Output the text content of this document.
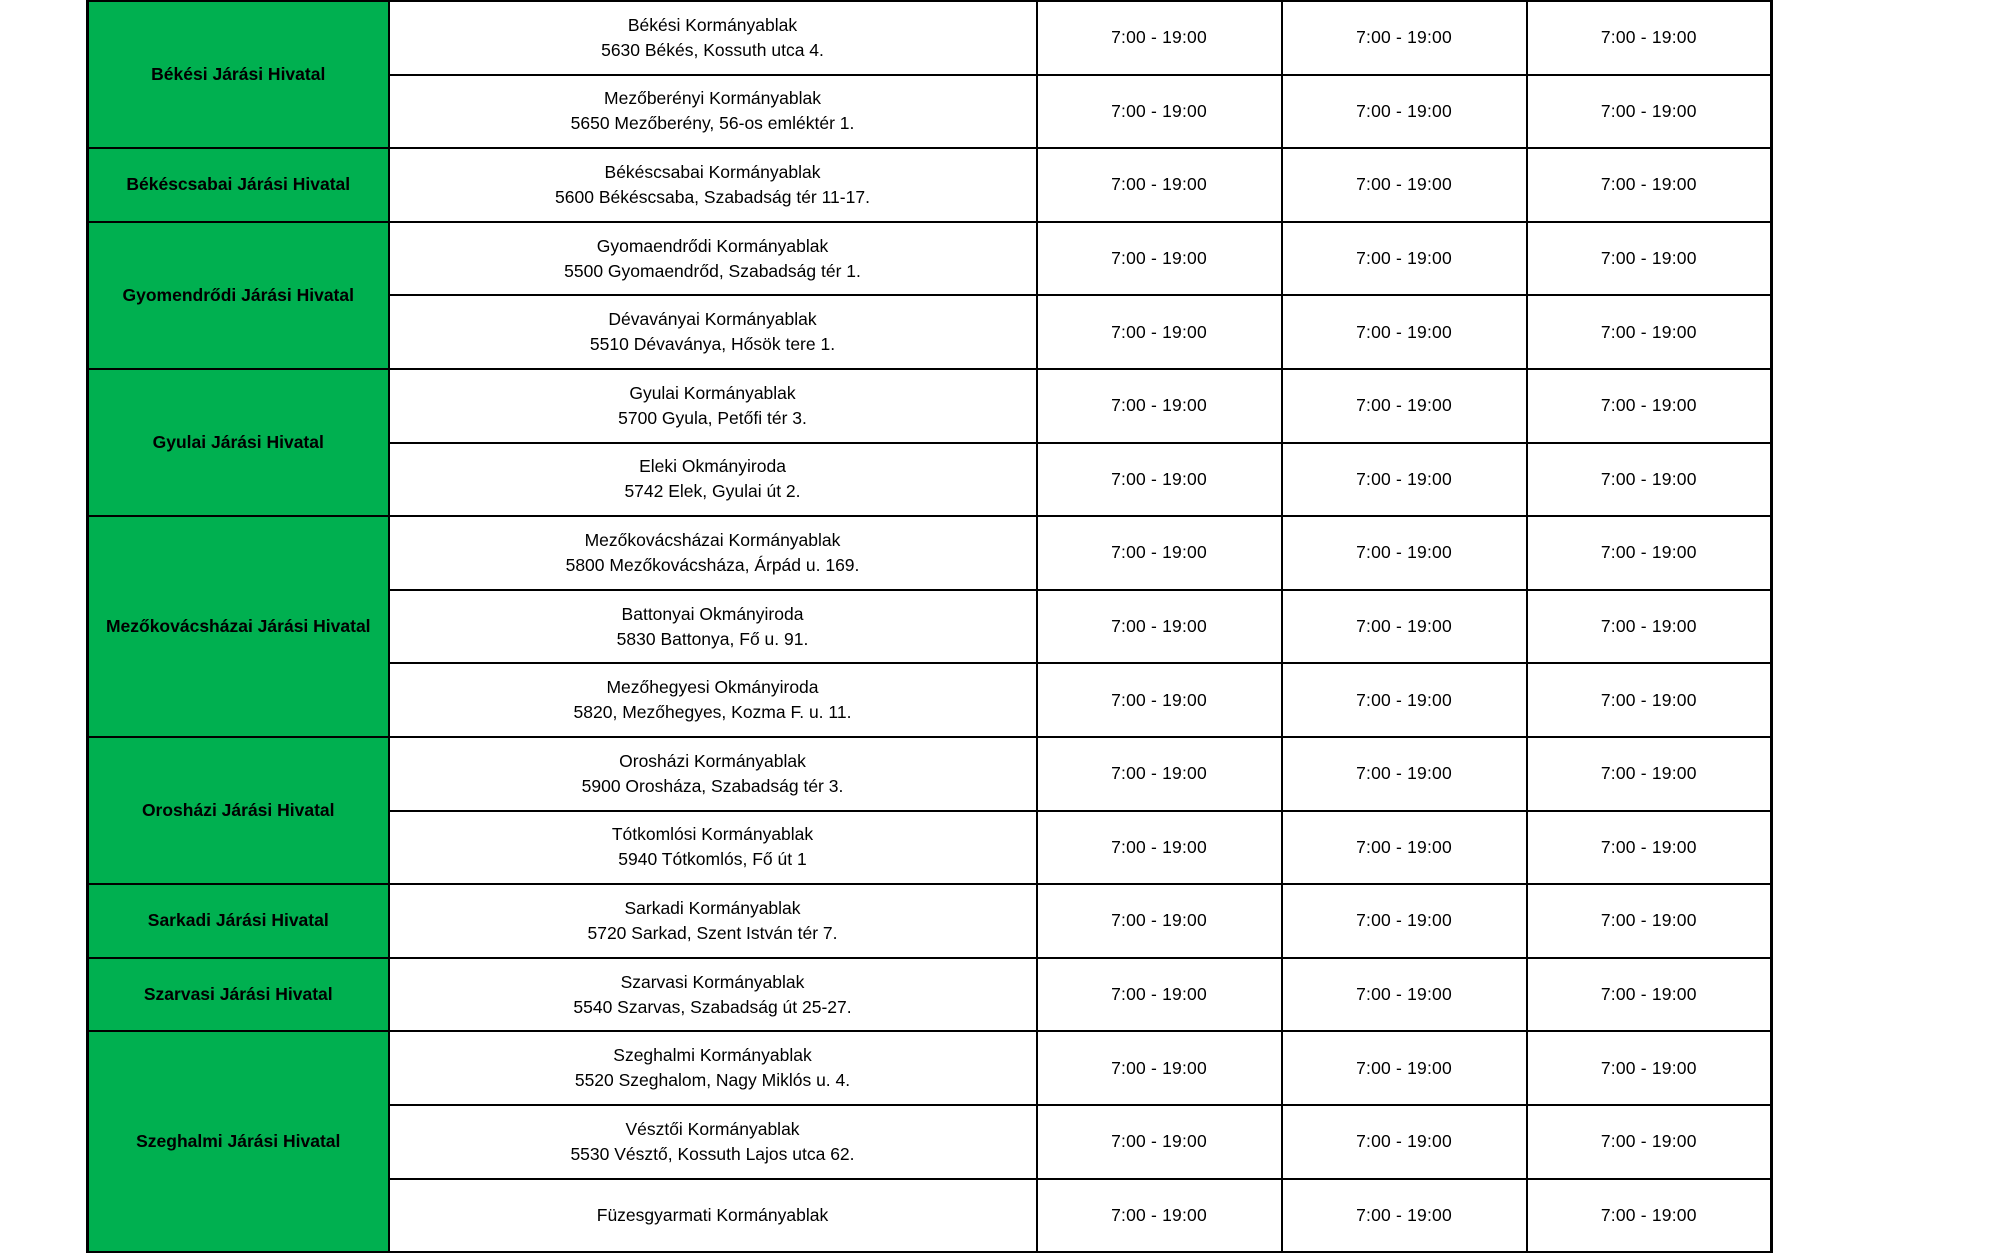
Békési Járási Hivatal	Békési Kormányablak
5630 Békés, Kossuth utca 4.	7:00 - 19:00	7:00 - 19:00	7:00 - 19:00

	Mezőberényi Kormányablak
5650 Mezőberény, 56-os emléktér 1.	7:00 - 19:00	7:00 - 19:00	7:00 - 19:00
Békéscsabai Járási Hivatal	Békéscsabai Kormányablak
5600 Békéscsaba, Szabadság tér 11-17.	7:00 - 19:00	7:00 - 19:00	7:00 - 19:00
Gyomendrődi Járási Hivatal	Gyomaendrődi Kormányablak
5500 Gyomaendrőd, Szabadság tér 1.	7:00 - 19:00	7:00 - 19:00	7:00 - 19:00

	Dévaványai Kormányablak
5510 Dévaványa, Hősök tere 1.	7:00 - 19:00	7:00 - 19:00	7:00 - 19:00
Gyulai Járási Hivatal	Gyulai Kormányablak
5700 Gyula, Petőfi tér 3.	7:00 - 19:00	7:00 - 19:00	7:00 - 19:00

	Eleki Okmányiroda
5742 Elek, Gyulai út 2.	7:00 - 19:00	7:00 - 19:00	7:00 - 19:00
Mezőkovácsházai Járási Hivatal	Mezőkovácsházai Kormányablak
5800 Mezőkovácsháza, Árpád u. 169.	7:00 - 19:00	7:00 - 19:00	7:00 - 19:00

	Battonyai Okmányiroda
5830 Battonya, Fő u. 91.	7:00 - 19:00	7:00 - 19:00	7:00 - 19:00

	Mezőhegyesi Okmányiroda
5820, Mezőhegyes, Kozma F. u. 11.	7:00 - 19:00	7:00 - 19:00	7:00 - 19:00
Orosházi Járási Hivatal	Orosházi Kormányablak
5900 Orosháza, Szabadság tér 3.	7:00 - 19:00	7:00 - 19:00	7:00 - 19:00

	Tótkomlósi Kormányablak
5940 Tótkomlós, Fő út 1	7:00 - 19:00	7:00 - 19:00	7:00 - 19:00
Sarkadi Járási Hivatal	Sarkadi Kormányablak
5720 Sarkad, Szent István tér 7.	7:00 - 19:00	7:00 - 19:00	7:00 - 19:00
Szarvasi Járási Hivatal	Szarvasi Kormányablak
5540 Szarvas, Szabadság út 25-27.	7:00 - 19:00	7:00 - 19:00	7:00 - 19:00
Szeghalmi Járási Hivatal	Szeghalmi Kormányablak
5520 Szeghalom, Nagy Miklós u. 4.	7:00 - 19:00	7:00 - 19:00	7:00 - 19:00

	Vésztői Kormányablak
5530 Vésztő, Kossuth Lajos utca 62.	7:00 - 19:00	7:00 - 19:00	7:00 - 19:00

	Füzesgyarmati Kormányablak	7:00 - 19:00	7:00 - 19:00	7:00 - 19:00
